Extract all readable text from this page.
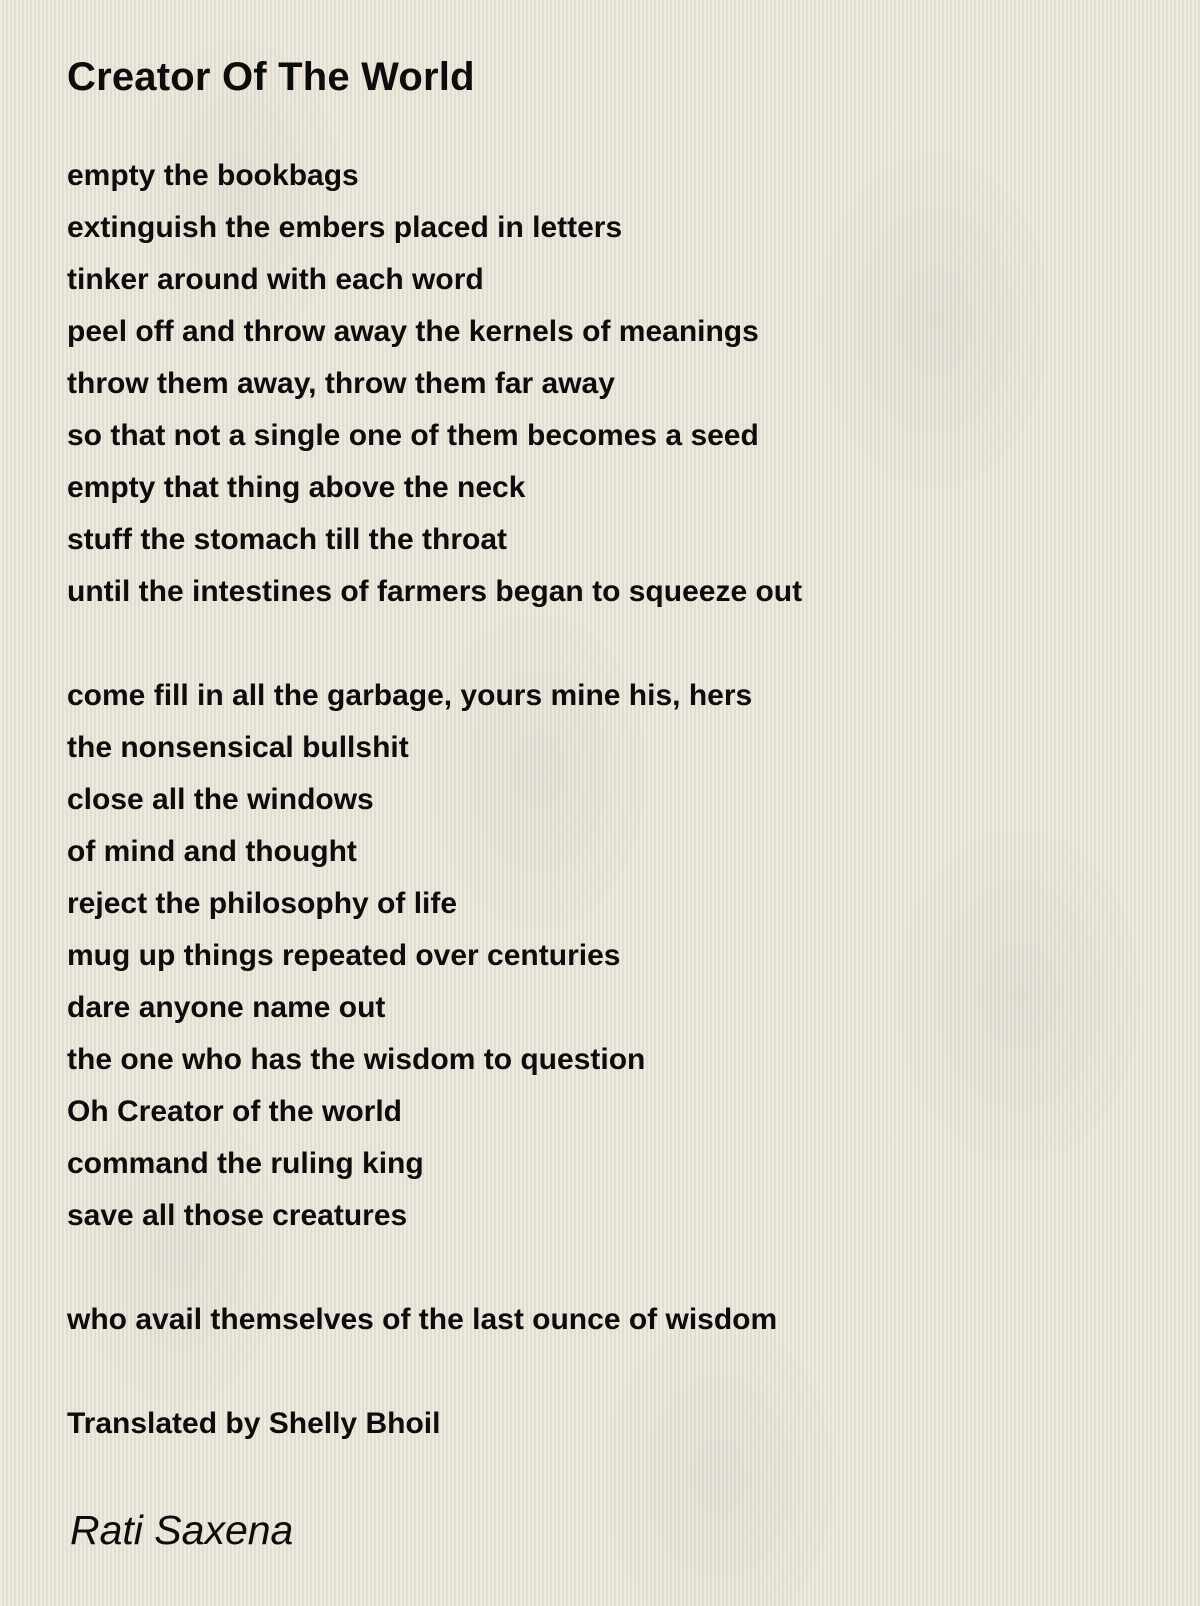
Creator Of The World
empty the bookbags
extinguish the embers placed in letters
tinker around with each word
peel off and throw away the kernels of meanings
throw them away, throw them far away
so that not a single one of them becomes a seed
empty that thing above the neck
stuff the stomach till the throat
until the intestines of farmers began to squeeze out
come fill in all the garbage, yours mine his, hers
the nonsensical bullshit
close all the windows
of mind and thought
reject the philosophy of life
mug up things repeated over centuries
dare anyone name out
the one who has the wisdom to question
Oh Creator of the world
command the ruling king
save all those creatures
who avail themselves of the last ounce of wisdom
Translated by Shelly Bhoil
Rati Saxena
